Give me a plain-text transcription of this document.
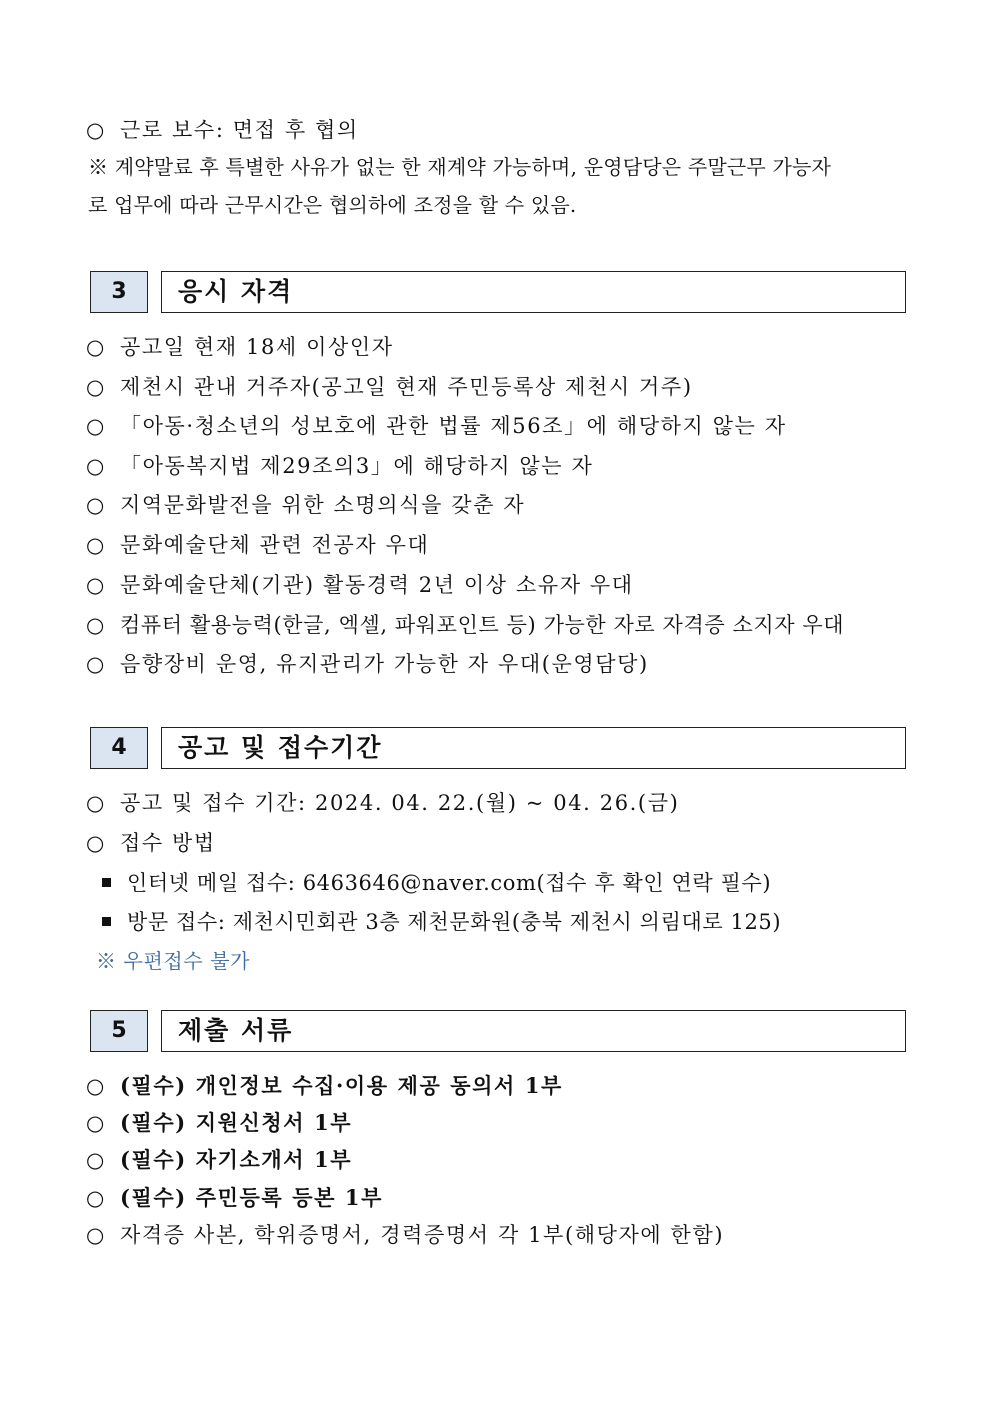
○ 근로 보수: 면접 후 협의
※ 계약말료 후 특별한 사유가 없는 한 재계약 가능하며, 운영담당은 주말근무 가능자
로 업무에 따라 근무시간은 협의하에 조정을 할 수 있음.
3	응시 자격
○ 공고일 현재 18세 이상인자
○ 제천시 관내 거주자(공고일 현재 주민등록상 제천시 거주)
○ 「아동·청소년의 성보호에 관한 법률 제56조」에 해당하지 않는 자
○ 「아동복지법 제29조의3」에 해당하지 않는 자
○ 지역문화발전을 위한 소명의식을 갖춘 자
○ 문화예술단체 관련 전공자 우대
○ 문화예술단체(기관) 활동경력 2년 이상 소유자 우대
○ 컴퓨터 활용능력(한글, 엑셀, 파워포인트 등) 가능한 자로 자격증 소지자 우대
○ 음향장비 운영, 유지관리가 가능한 자 우대(운영담당)
4	공고 및 접수기간
○ 공고 및 접수 기간: 2024. 04. 22.(월) ~ 04. 26.(금)
○ 접수 방법
인터넷 메일 접수: 6463646@naver.com(접수 후 확인 연락 필수)
방문 접수: 제천시민회관 3층 제천문화원(충북 제천시 의림대로 125)
※ 우편접수 불가
5	제출 서류
○ (필수) 개인정보 수집·이용 제공 동의서 1부
○ (필수) 지원신청서 1부
○ (필수) 자기소개서 1부
○ (필수) 주민등록 등본 1부
○ 자격증 사본, 학위증명서, 경력증명서 각 1부(해당자에 한함)
